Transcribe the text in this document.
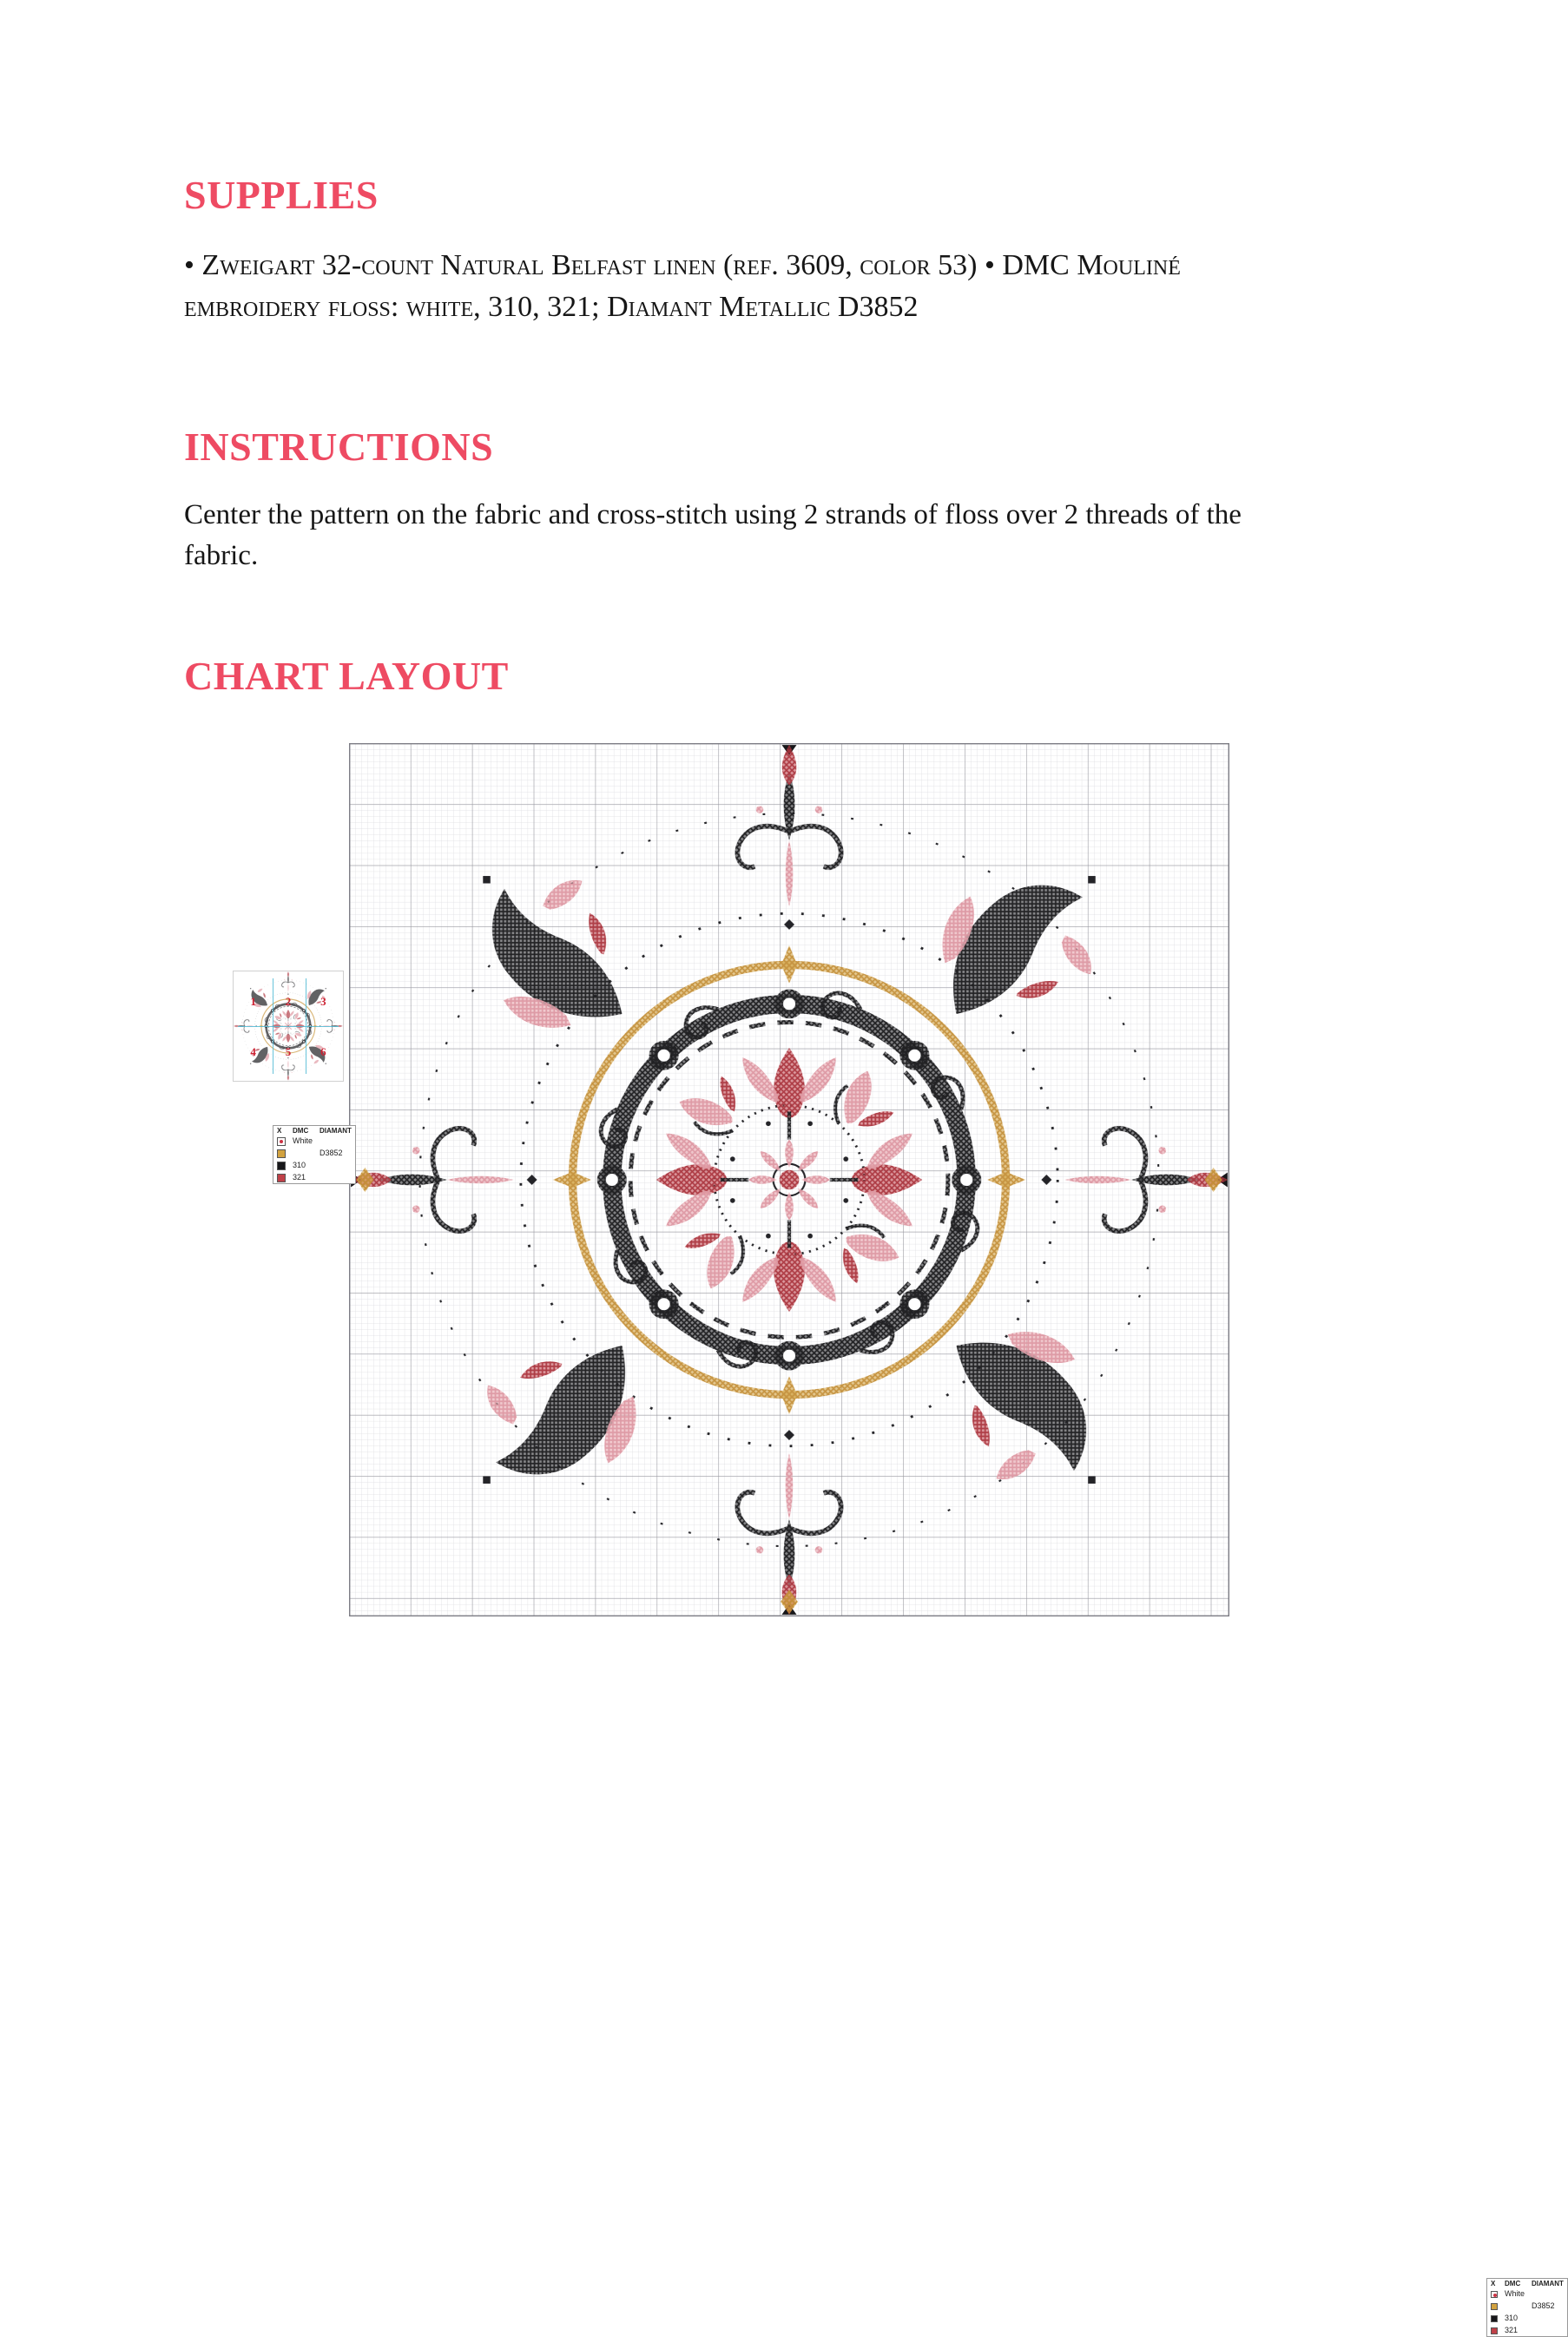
SUPPLIES

• Zweigart 32-count Natural Belfast linen (ref. 3609, color 53) • DMC Mouliné embroidery floss: white, 310, 321; Diamant Metallic D3852

INSTRUCTIONS

Center the pattern on the fabric and cross-stitch using 2 strands of floss over 2 threads of the fabric.

CHART LAYOUT
X	DMC	DIAMANT
	White	
		D3852
	310	
	321	
1	2	3
4	5	6
X	DMC	DIAMANT
	White	
		D3852
	310	
	321	
